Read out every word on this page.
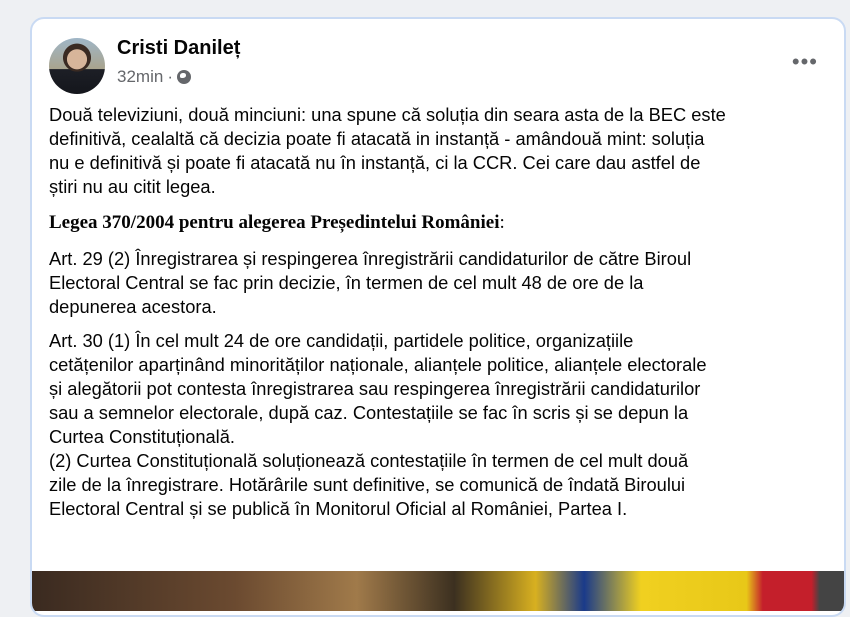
Cristi Danileț
32min ·
•••
Două televiziuni, două minciuni: una spune că soluția din seara asta de la BEC este
definitivă, cealaltă că decizia poate fi atacată in instanță - amândouă mint: soluția
nu e definitivă și poate fi atacată nu în instanță, ci la CCR. Cei care dau astfel de
știri nu au citit legea.
Legea 370/2004 pentru alegerea Președintelui României:
Art. 29 (2) Înregistrarea și respingerea înregistrării candidaturilor de către Biroul
Electoral Central se fac prin decizie, în termen de cel mult 48 de ore de la
depunerea acestora.
Art. 30 (1) În cel mult 24 de ore candidații, partidele politice, organizațiile
cetățenilor aparținând minorităților naționale, alianțele politice, alianțele electorale
și alegătorii pot contesta înregistrarea sau respingerea înregistrării candidaturilor
sau a semnelor electorale, după caz. Contestațiile se fac în scris și se depun la
Curtea Constituțională.
(2) Curtea Constituțională soluționează contestațiile în termen de cel mult două
zile de la înregistrare. Hotărârile sunt definitive, se comunică de îndată Biroului
Electoral Central și se publică în Monitorul Oficial al României, Partea I.
